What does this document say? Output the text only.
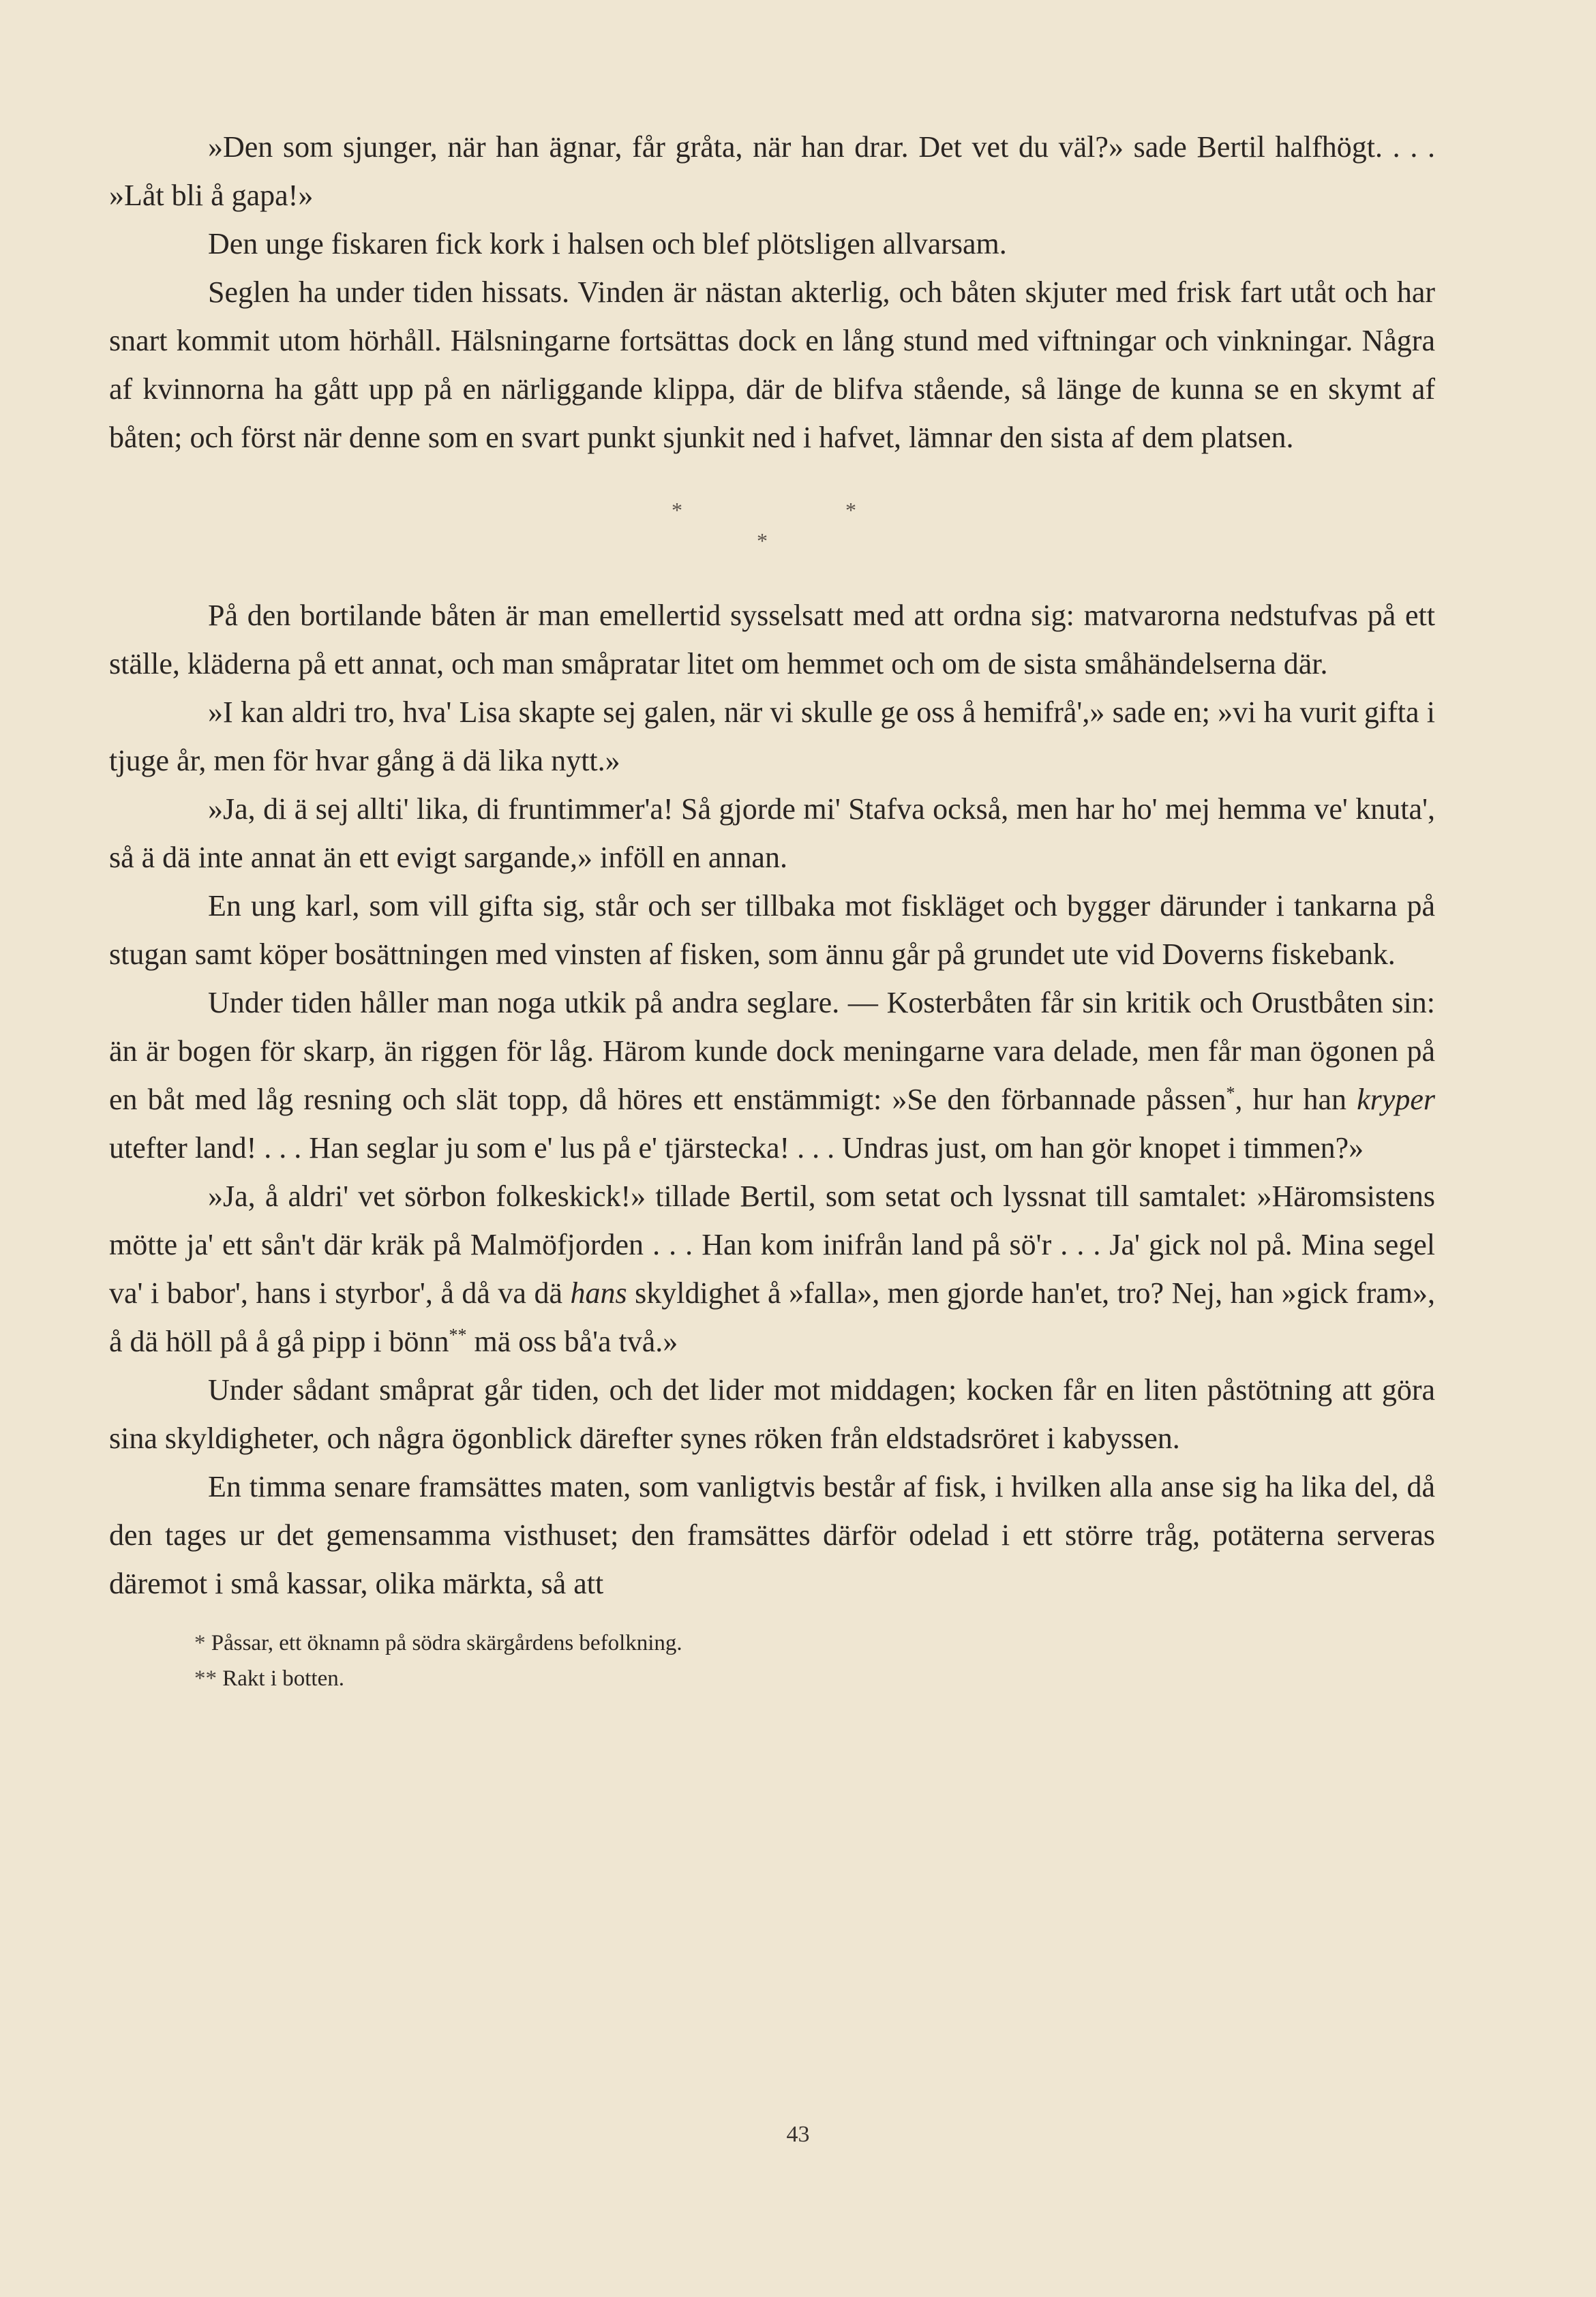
»Den som sjunger, när han ägnar, får gråta, när han drar. Det vet du väl?» sade Bertil halfhögt. . . . »Låt bli å gapa!»

Den unge fiskaren fick kork i halsen och blef plötsligen allvarsam.

Seglen ha under tiden hissats. Vinden är nästan akterlig, och båten skjuter med frisk fart utåt och har snart kommit utom hörhåll. Hälsningarne fortsättas dock en lång stund med viftningar och vinkningar. Några af kvinnorna ha gått upp på en närliggande klippa, där de blifva stående, så länge de kunna se en skymt af båten; och först när denne som en svart punkt sjunkit ned i hafvet, lämnar den sista af dem platsen.

*	*
*

På den bortilande båten är man emellertid sysselsatt med att ordna sig: matvarorna nedstufvas på ett ställe, kläderna på ett annat, och man småpratar litet om hemmet och om de sista småhändelserna där.

»I kan aldri tro, hva' Lisa skapte sej galen, när vi skulle ge oss å hemifrå',» sade en; »vi ha vurit gifta i tjuge år, men för hvar gång ä dä lika nytt.»

»Ja, di ä sej allti' lika, di fruntimmer'a! Så gjorde mi' Stafva också, men har ho' mej hemma ve' knuta', så ä dä inte annat än ett evigt sargande,» inföll en annan.

En ung karl, som vill gifta sig, står och ser tillbaka mot fiskläget och bygger därunder i tankarna på stugan samt köper bosättningen med vinsten af fisken, som ännu går på grundet ute vid Doverns fiskebank.

Under tiden håller man noga utkik på andra seglare. — Kosterbåten får sin kritik och Orustbåten sin: än är bogen för skarp, än riggen för låg. Härom kunde dock meningarne vara delade, men får man ögonen på en båt med låg resning och slät topp, då höres ett enstämmigt: »Se den förbannade påssen*, hur han kryper utefter land! . . . Han seglar ju som e' lus på e' tjärstecka! . . . Undras just, om han gör knopet i timmen?»

»Ja, å aldri' vet sörbon folkeskick!» tillade Bertil, som setat och lyssnat till samtalet: »Häromsistens mötte ja' ett sån't där kräk på Malmöfjorden . . . Han kom inifrån land på sö'r . . . Ja' gick nol på. Mina segel va' i babor', hans i styrbor', å då va dä hans skyldighet å »falla», men gjorde han'et, tro? Nej, han »gick fram», å dä höll på å gå pipp i bönn** mä oss bå'a två.»

Under sådant småprat går tiden, och det lider mot middagen; kocken får en liten påstötning att göra sina skyldigheter, och några ögonblick därefter synes röken från eldstadsröret i kabyssen.

En timma senare framsättes maten, som vanligtvis består af fisk, i hvilken alla anse sig ha lika del, då den tages ur det gemensamma visthuset; den framsättes därför odelad i ett större tråg, potäterna serveras däremot i små kassar, olika märkta, så att

* Påssar, ett öknamn på södra skärgårdens befolkning.

** Rakt i botten.

43
